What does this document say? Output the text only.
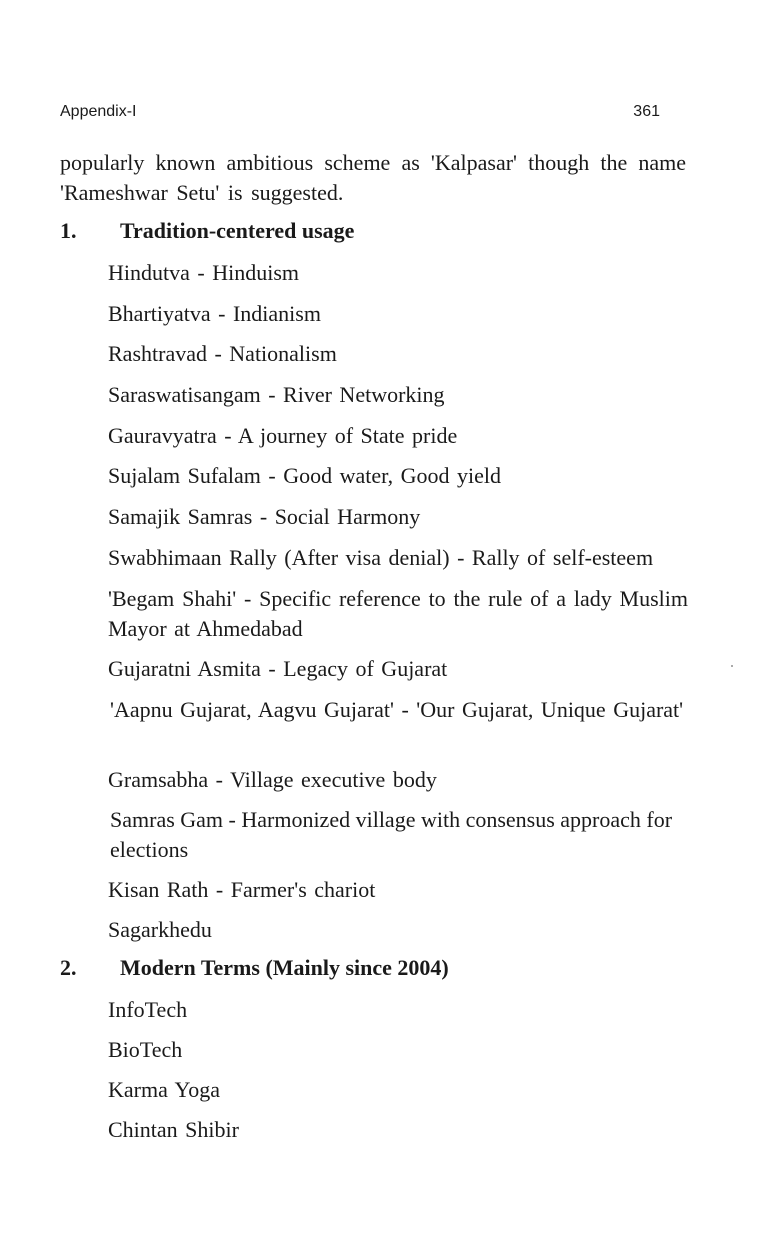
Appendix-I	361

popularly known ambitious scheme as 'Kalpasar' though the name 'Rameshwar Setu' is suggested.

1.	Tradition-centered usage
Hindutva - Hinduism
Bhartiyatva - Indianism
Rashtravad - Nationalism
Saraswatisangam - River Networking
Gauravyatra - A journey of State pride
Sujalam Sufalam - Good water, Good yield
Samajik Samras - Social Harmony
Swabhimaan Rally (After visa denial) - Rally of self-esteem
'Begam Shahi' - Specific reference to the rule of a lady Muslim Mayor at Ahmedabad
Gujaratni Asmita - Legacy of Gujarat
'Aapnu Gujarat, Aagvu Gujarat' - 'Our Gujarat, Unique Gujarat'
Gramsabha - Village executive body
Samras Gam - Harmonized village with consensus approach for elections
Kisan Rath - Farmer's chariot
Sagarkhedu
2.	Modern Terms (Mainly since 2004)
InfoTech
BioTech
Karma Yoga
Chintan Shibir
